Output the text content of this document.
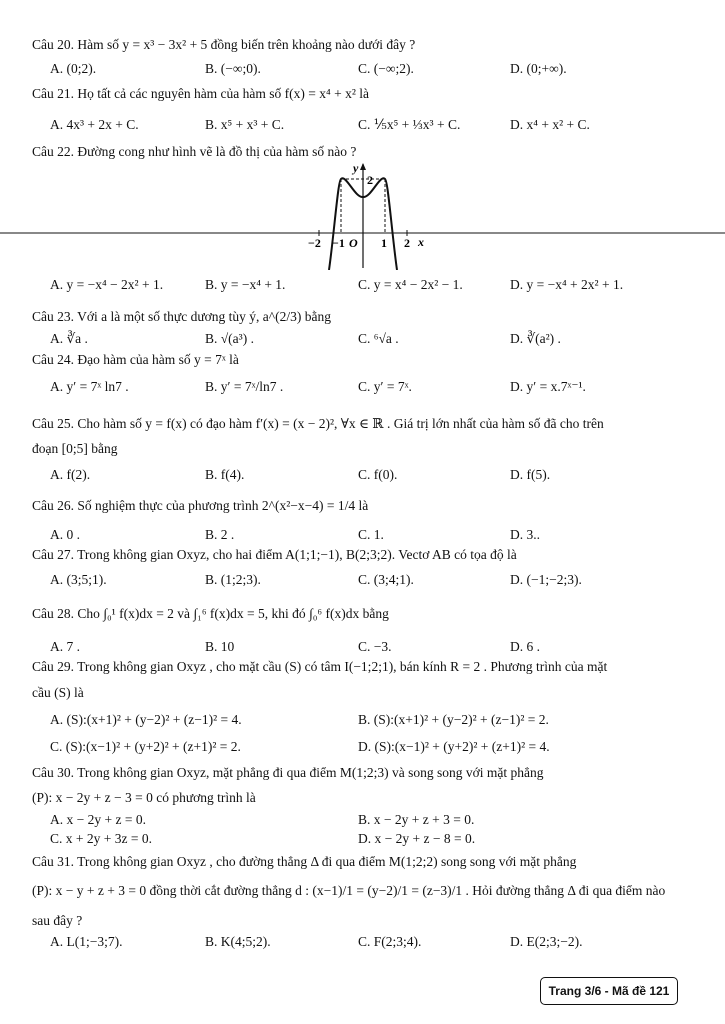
Câu 20. Hàm số y = x³ − 3x² + 5 đồng biến trên khoảng nào dưới đây ?
A. (0;2).	B. (−∞;0).	C. (−∞;2).	D. (0;+∞).
Câu 21. Họ tất cả các nguyên hàm của hàm số f(x) = x⁴ + x² là
A. 4x³ + 2x + C.	B. x⁵ + x³ + C.	C. ⅕x⁵ + ⅓x³ + C.	D. x⁴ + x² + C.
Câu 22. Đường cong như hình vẽ là đồ thị của hàm số nào ?
y
2
−2 −1 O 1 2 x
A. y = −x⁴ − 2x² + 1.	B. y = −x⁴ + 1.	C. y = x⁴ − 2x² − 1.	D. y = −x⁴ + 2x² + 1.
Câu 23. Với a là một số thực dương tùy ý, a^(2/3) bằng
A. ∛a .	B. √(a³) .	C. ⁶√a .	D. ∛(a²) .
Câu 24. Đạo hàm của hàm số y = 7ˣ là
A. y′ = 7ˣ ln7 .	B. y′ = 7ˣ/ln7 .	C. y′ = 7ˣ.	D. y′ = x.7ˣ⁻¹.
Câu 25. Cho hàm số y = f(x) có đạo hàm f′(x) = (x − 2)², ∀x ∈ ℝ . Giá trị lớn nhất của hàm số đã cho trên
đoạn [0;5] bằng
A. f(2).	B. f(4).	C. f(0).	D. f(5).
Câu 26. Số nghiệm thực của phương trình 2^(x²−x−4) = 1/4 là
A. 0 .	B. 2 .	C. 1.	D. 3..
Câu 27. Trong không gian Oxyz, cho hai điểm A(1;1;−1), B(2;3;2). Vectơ AB có tọa độ là
A. (3;5;1).	B. (1;2;3).	C. (3;4;1).	D. (−1;−2;3).
Câu 28. Cho ∫₀¹ f(x)dx = 2 và ∫₁⁶ f(x)dx = 5, khi đó ∫₀⁶ f(x)dx bằng
A. 7 .	B. 10	C. −3.	D. 6 .
Câu 29. Trong không gian Oxyz , cho mặt cầu (S) có tâm I(−1;2;1), bán kính R = 2 . Phương trình của mặt
cầu (S) là
A. (S):(x+1)² + (y−2)² + (z−1)² = 4.	B. (S):(x+1)² + (y−2)² + (z−1)² = 2.
C. (S):(x−1)² + (y+2)² + (z+1)² = 2.	D. (S):(x−1)² + (y+2)² + (z+1)² = 4.
Câu 30. Trong không gian Oxyz, mặt phẳng đi qua điểm M(1;2;3) và song song với mặt phẳng
(P): x − 2y + z − 3 = 0 có phương trình là
A. x − 2y + z = 0.	B. x − 2y + z + 3 = 0.
C. x + 2y + 3z = 0.	D. x − 2y + z − 8 = 0.
Câu 31. Trong không gian Oxyz , cho đường thẳng Δ đi qua điểm M(1;2;2) song song với mặt phẳng
(P): x − y + z + 3 = 0 đồng thời cắt đường thẳng d : (x−1)/1 = (y−2)/1 = (z−3)/1 . Hỏi đường thẳng Δ đi qua điểm nào
sau đây ?
A. L(1;−3;7).	B. K(4;5;2).	C. F(2;3;4).	D. E(2;3;−2).
Trang 3/6 - Mã đề 121
